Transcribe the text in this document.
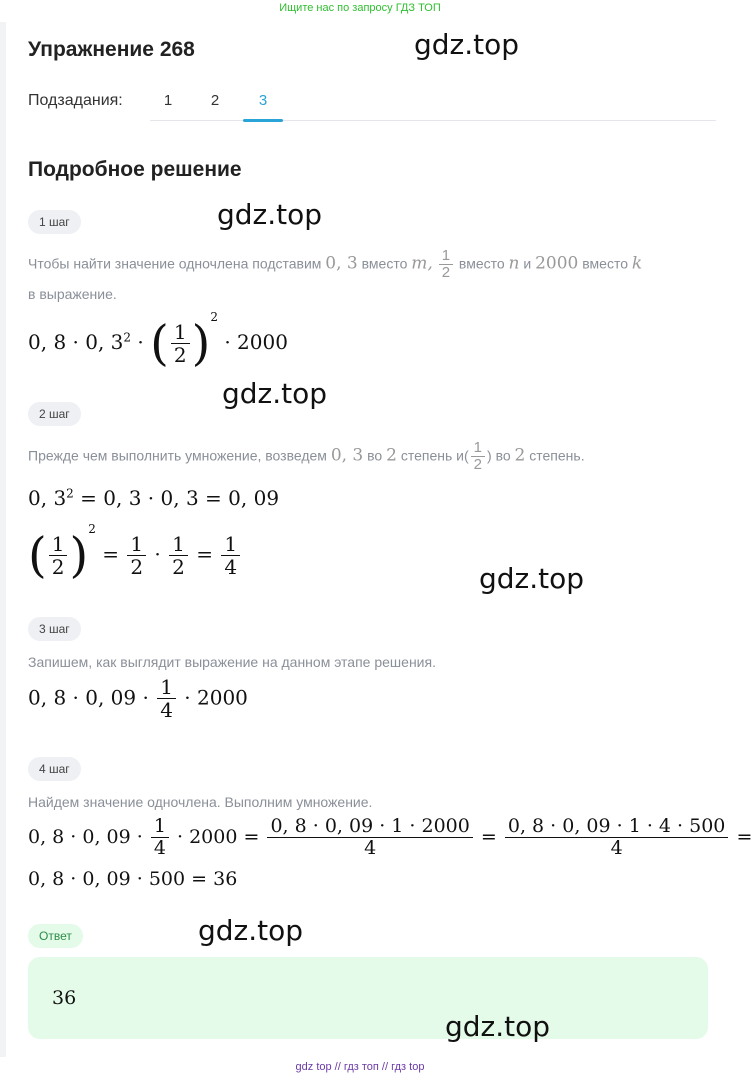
Ищите нас по запросу ГДЗ ТОП
Упражнение 268
Подзадания:	1	2	3
Подробное решение
1 шаг
Чтобы найти значение одночлена подставим 0, 3 вместо m, $\frac{1}{2}$ вместо n и 2000 вместо k
в выражение.
0, 8 · 0, $3^2$ · ( $\frac{1}{2} )^2 \cdot 2000$
2 шаг
Прежде чем выполнить умножение, возведем 0, 3 во 2 степень $и( \frac{1}{2}$ ) во 2 степень.
0, $3^2 = 0$, 3 · 0, 3 = 0, 09
( $\frac{1}{2} )^2 = \frac{1}{2} \cdot \frac{1}{2} = \frac{1}{4}$
3 шаг
Запишем, как выглядит выражение на данном этапе решения.
0, 8 · 0, $09 \cdot \frac{1}{4} \cdot 2000$
4 шаг
Найдем значение одночлена. Выполним умножение.
0, 8 · 0, $09 \cdot \frac{1}{4} \cdot 2000 = \frac{0, 8 \cdot 0, 09 \cdot 1 \cdot 2000}{4} = \frac{0, 8 \cdot 0, 09 \cdot 1 \cdot 4 \cdot 500}{4}$ =
0, 8 · 0, 09 · 500 = 36
Ответ
36
gdz.top
gdz.top
gdz.top
gdz.top
gdz.top
gdz.top
gdz top // гдз топ // гдз top
